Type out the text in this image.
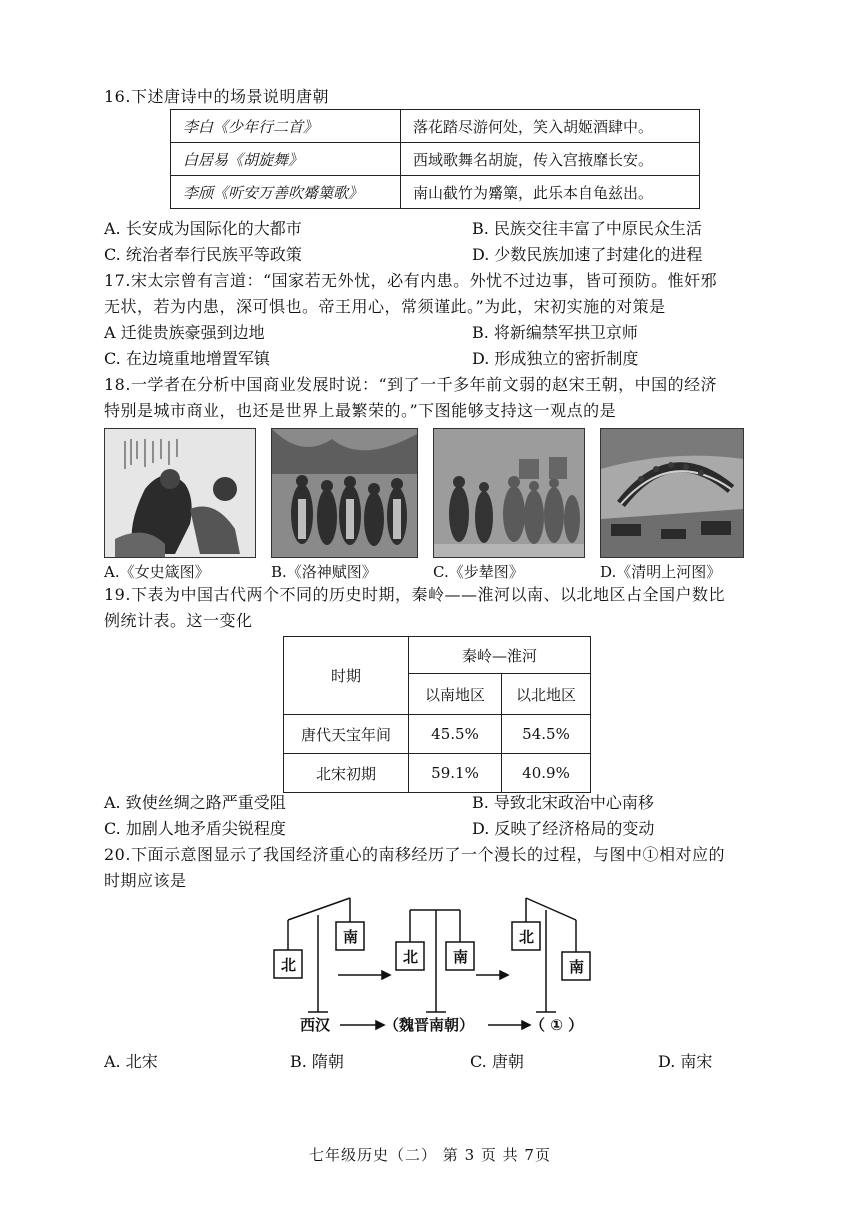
16.下述唐诗中的场景说明唐朝
李白《少年行二首》	落花踏尽游何处，笑入胡姬酒肆中。
白居易《胡旋舞》	西域歌舞名胡旋，传入宫掖靡长安。
李颀《听安万善吹觱篥歌》	南山截竹为觱篥，此乐本自龟兹出。
A. 长安成为国际化的大都市	B. 民族交往丰富了中原民众生活
C. 统治者奉行民族平等政策	D. 少数民族加速了封建化的进程
17.宋太宗曾有言道：“国家若无外忧，必有内患。外忧不过边事，皆可预防。惟奸邪
无状，若为内患，深可惧也。帝王用心，常须谨此。”为此，宋初实施的对策是
A 迁徙贵族豪强到边地	B. 将新编禁军拱卫京师
C. 在边境重地增置军镇	D. 形成独立的密折制度
18.一学者在分析中国商业发展时说：“到了一千多年前文弱的赵宋王朝，中国的经济
特别是城市商业，也还是世界上最繁荣的。”下图能够支持这一观点的是
A.《女史箴图》	B.《洛神赋图》	C.《步辇图》	D.《清明上河图》
19.下表为中国古代两个不同的历史时期，秦岭——淮河以南、以北地区占全国户数比
例统计表。这一变化
时期	秦岭—淮河	
	以南地区	以北地区
唐代天宝年间	45.5%	54.5%
北宋初期	59.1%	40.9%
A. 致使丝绸之路严重受阻	B. 导致北宋政治中心南移
C. 加剧人地矛盾尖锐程度	D. 反映了经济格局的变动
20.下面示意图显示了我国经济重心的南移经历了一个漫长的过程，与图中①相对应的
时期应该是
北
南
北 南
北
南
西汉	（魏晋南朝）	（ ① ）
A. 北宋	B. 隋朝	C. 唐朝	D. 南宋
七年级历史（二） 第 3 页 共 7页
